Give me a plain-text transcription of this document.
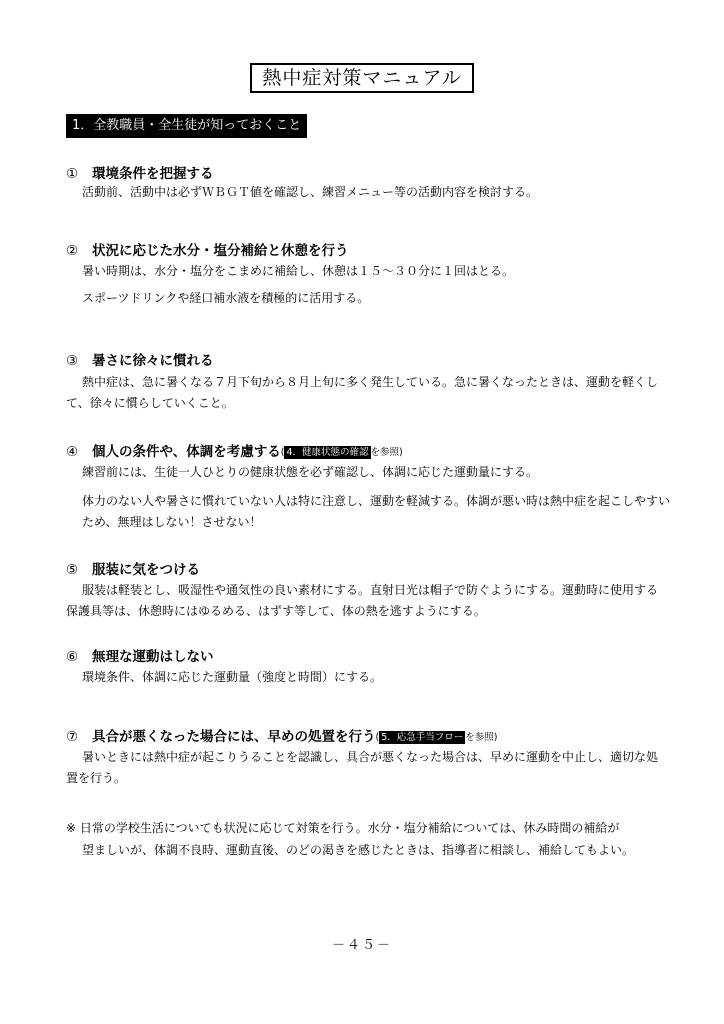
熱中症対策マニュアル
1．全教職員・全生徒が知っておくこと
① 環境条件を把握する
活動前、活動中は必ずＷＢＧＴ値を確認し、練習メニュー等の活動内容を検討する。
② 状況に応じた水分・塩分補給と休憩を行う
暑い時期は、水分・塩分をこまめに補給し、休憩は１５～３０分に１回はとる。
スポーツドリンクや経口補水液を積極的に活用する。
③ 暑さに徐々に慣れる
熱中症は、急に暑くなる７月下旬から８月上旬に多く発生している。急に暑くなったときは、運動を軽くして、徐々に慣らしていくこと。
④ 個人の条件や、体調を考慮する( 4．健康状態の確認 を参照)
練習前には、生徒一人ひとりの健康状態を必ず確認し、体調に応じた運動量にする。
体力のない人や暑さに慣れていない人は特に注意し、運動を軽減する。体調が悪い時は熱中症を起こしやすいため、無理はしない！させない！
⑤ 服装に気をつける
服装は軽装とし、吸湿性や通気性の良い素材にする。直射日光は帽子で防ぐようにする。運動時に使用する保護具等は、休憩時にはゆるめる、はずす等して、体の熱を逃すようにする。
⑥ 無理な運動はしない
環境条件、体調に応じた運動量（強度と時間）にする。
⑦ 具合が悪くなった場合には、早めの処置を行う( 5．応急手当フロー を参照)
暑いときには熱中症が起こりうることを認識し、具合が悪くなった場合は、早めに運動を中止し、適切な処置を行う。
※ 日常の学校生活についても状況に応じて対策を行う。水分・塩分補給については、休み時間の補給が
望ましいが、体調不良時、運動直後、のどの渇きを感じたときは、指導者に相談し、補給してもよい。
－４５－
